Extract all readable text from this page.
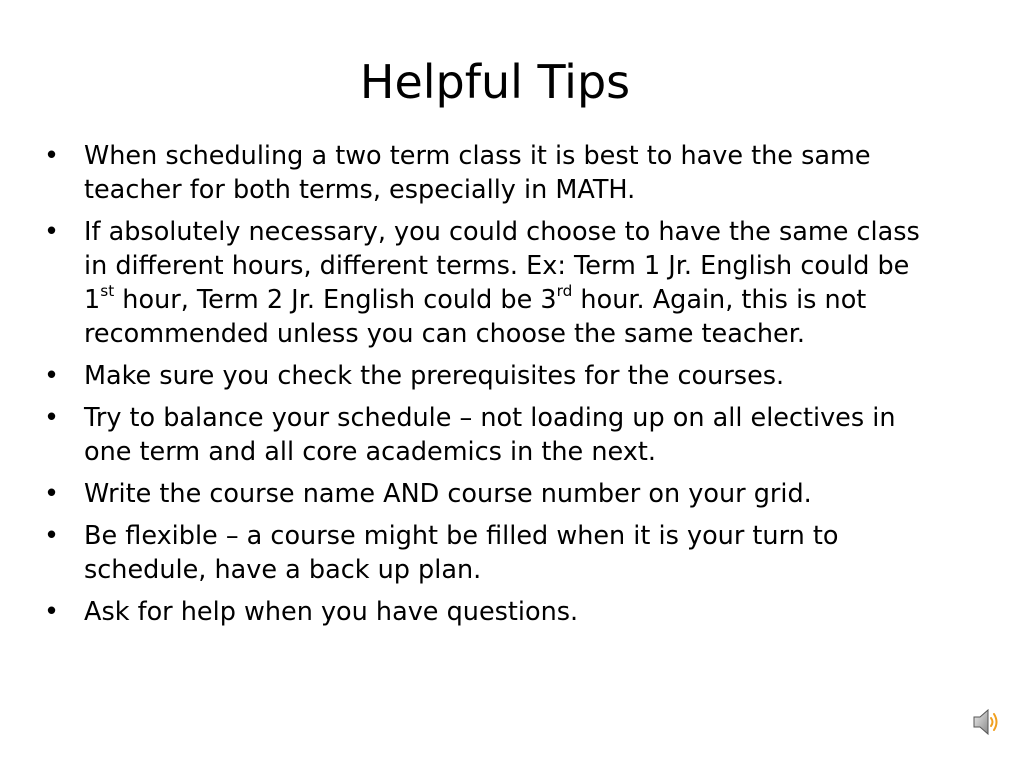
Helpful Tips
• When scheduling a two term class it is best to have the same teacher for both terms, especially in MATH.
• If absolutely necessary, you could choose to have the same class in different hours, different terms. Ex: Term 1 Jr. English could be 1st hour, Term 2 Jr. English could be 3rd hour. Again, this is not recommended unless you can choose the same teacher.
• Make sure you check the prerequisites for the courses.
• Try to balance your schedule – not loading up on all electives in one term and all core academics in the next.
• Write the course name AND course number on your grid.
• Be flexible – a course might be filled when it is your turn to schedule, have a back up plan.
• Ask for help when you have questions.
